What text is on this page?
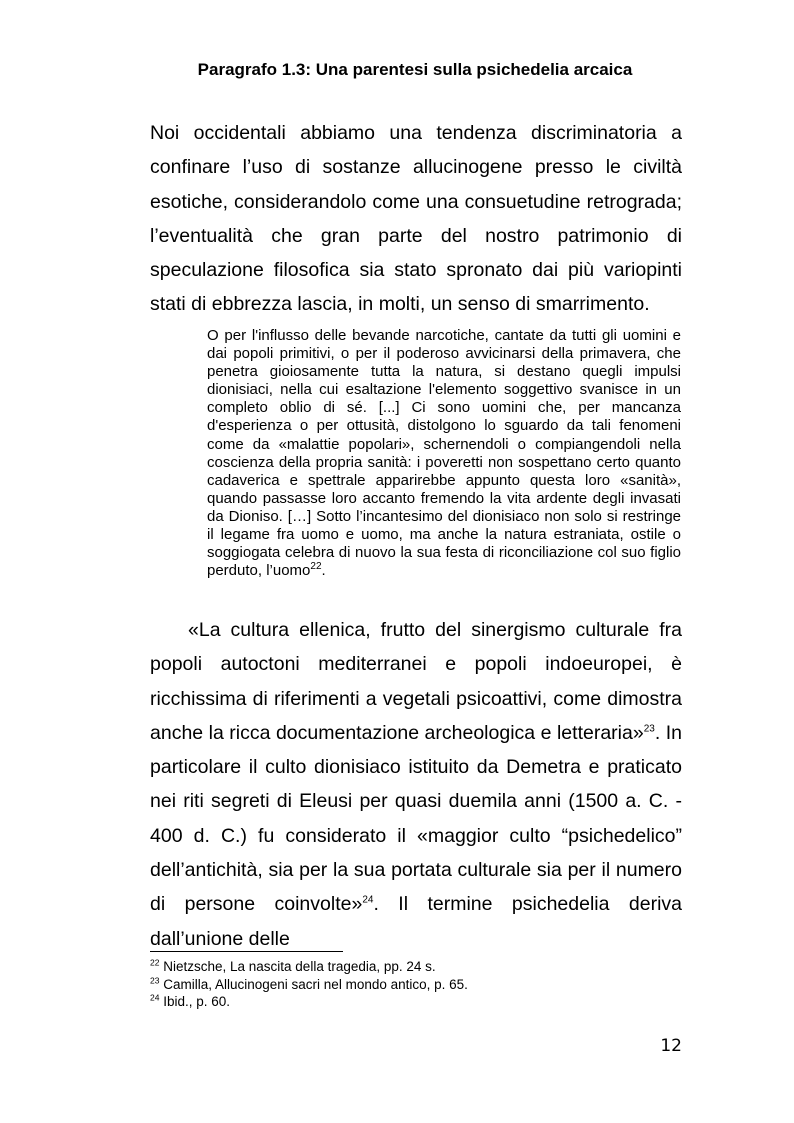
Paragrafo 1.3: Una parentesi sulla psichedelia arcaica

Noi occidentali abbiamo una tendenza discriminatoria a confinare l’uso di sostanze allucinogene presso le civiltà esotiche, considerandolo come una consuetudine retrograda; l’eventualità che gran parte del nostro patrimonio di speculazione filosofica sia stato spronato dai più variopinti stati di ebbrezza lascia, in molti, un senso di smarrimento.

O per l'influsso delle bevande narcotiche, cantate da tutti gli uomini e dai popoli primitivi, o per il poderoso avvicinarsi della primavera, che penetra gioiosamente tutta la natura, si destano quegli impulsi dionisiaci, nella cui esaltazione l'elemento soggettivo svanisce in un completo oblio di sé. [...] Ci sono uomini che, per mancanza d'esperienza o per ottusità, distolgono lo sguardo da tali fenomeni come da «malattie popolari», schernendoli o compiangendoli nella coscienza della propria sanità: i poveretti non sospettano certo quanto cadaverica e spettrale apparirebbe appunto questa loro «sanità», quando passasse loro accanto fremendo la vita ardente degli invasati da Dioniso. […] Sotto l’incantesimo del dionisiaco non solo si restringe il legame fra uomo e uomo, ma anche la natura estraniata, ostile o soggiogata celebra di nuovo la sua festa di riconciliazione col suo figlio perduto, l’uomo$^{22}$.

«La cultura ellenica, frutto del sinergismo culturale fra popoli autoctoni mediterranei e popoli indoeuropei, è ricchissima di riferimenti a vegetali psicoattivi, come dimostra anche la ricca documentazione archeologica e letteraria»$^{23}$. In particolare il culto dionisiaco istituito da Demetra e praticato nei riti segreti di Eleusi per quasi duemila anni (1500 a. C. - 400 d. C.) fu considerato il «maggior culto “psichedelico” dell’antichità, sia per la sua portata culturale sia per il numero di persone coinvolte»$^{24}$. Il termine psichedelia deriva dall’unione delle

$^{22}$ Nietzsche, La nascita della tragedia, pp. 24 s.
$^{23}$ Camilla, Allucinogeni sacri nel mondo antico, p. 65.
$^{24}$ Ibid., p. 60.
12
